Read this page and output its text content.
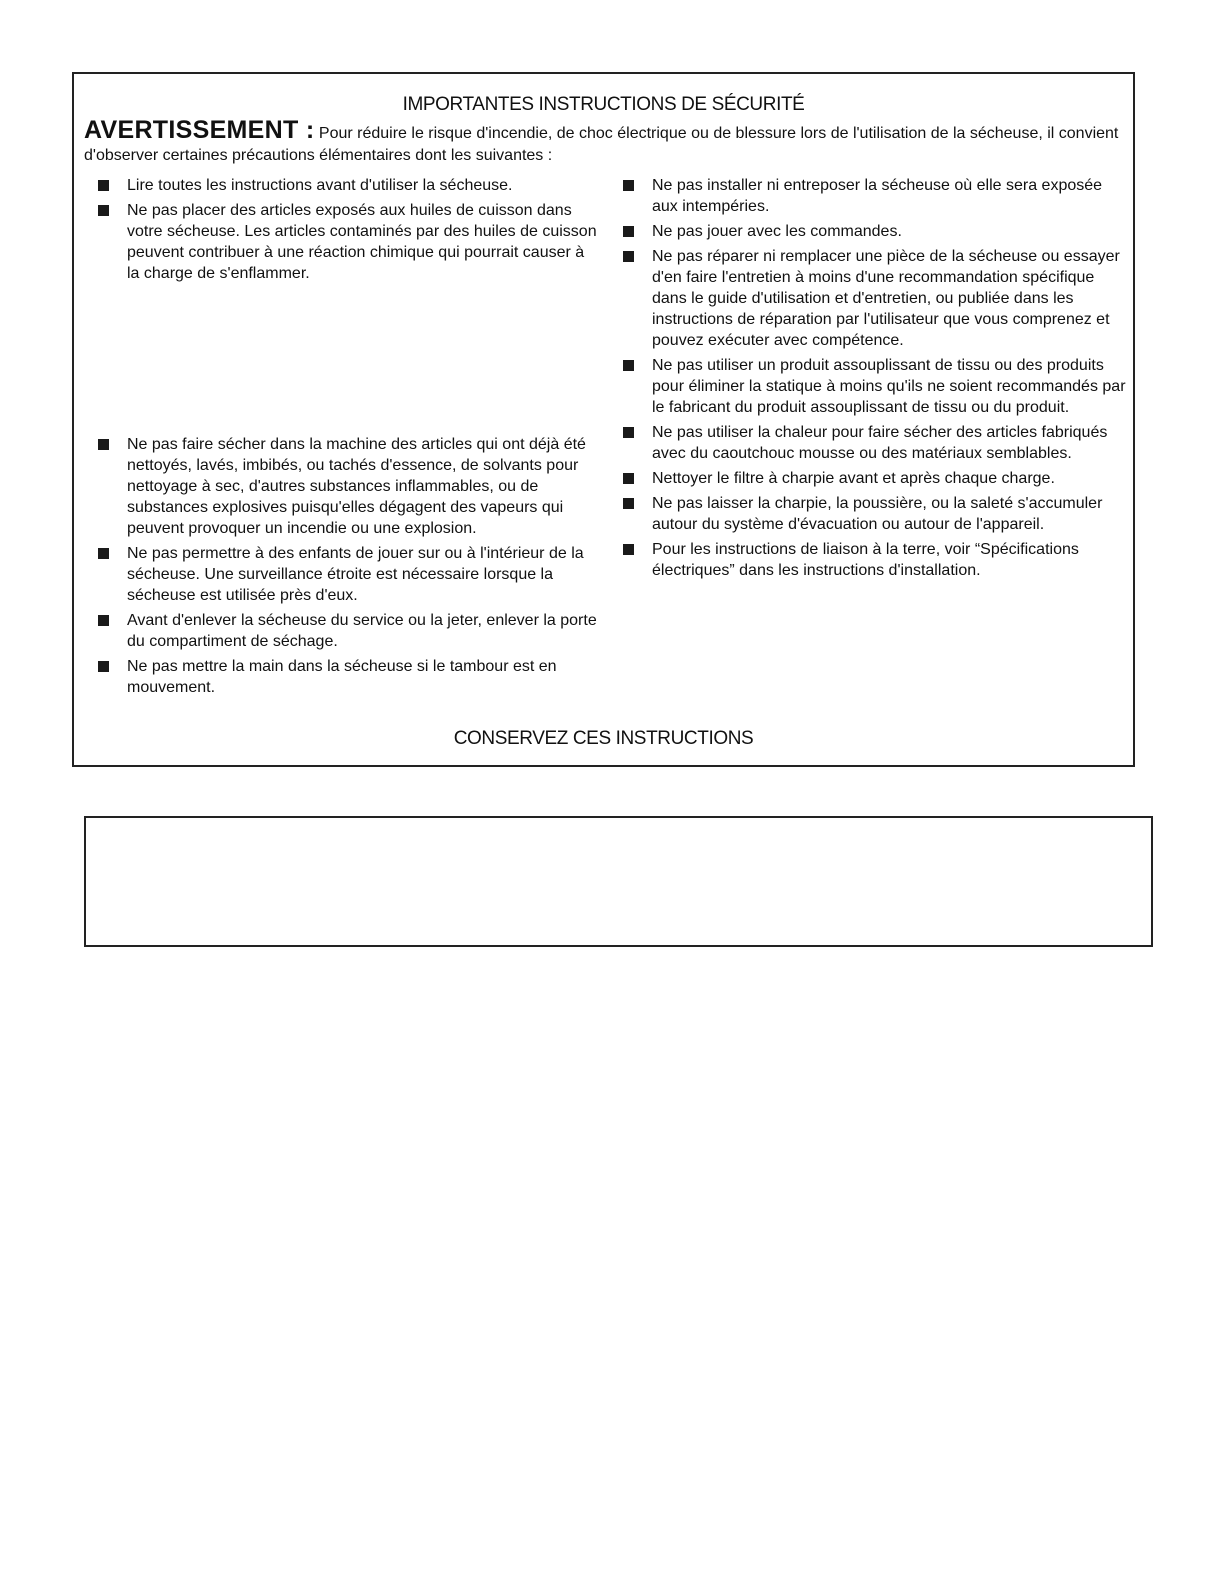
IMPORTANTES INSTRUCTIONS DE SÉCURITÉ
AVERTISSEMENT : Pour réduire le risque d'incendie, de choc électrique ou de blessure lors de l'utilisation de la sécheuse, il convient d'observer certaines précautions élémentaires dont les suivantes :
Lire toutes les instructions avant d'utiliser la sécheuse.
Ne pas placer des articles exposés aux huiles de cuisson dans votre sécheuse. Les articles contaminés par des huiles de cuisson peuvent contribuer à une réaction chimique qui pourrait causer à la charge de s'enflammer.
Ne pas faire sécher dans la machine des articles qui ont déjà été nettoyés, lavés, imbibés, ou tachés d'essence, de solvants pour nettoyage à sec, d'autres substances inflammables, ou de substances explosives puisqu'elles dégagent des vapeurs qui peuvent provoquer un incendie ou une explosion.
Ne pas permettre à des enfants de jouer sur ou à l'intérieur de la sécheuse. Une surveillance étroite est nécessaire lorsque la sécheuse est utilisée près d'eux.
Avant d'enlever la sécheuse du service ou la jeter, enlever la porte du compartiment de séchage.
Ne pas mettre la main dans la sécheuse si le tambour est en mouvement.
Ne pas installer ni entreposer la sécheuse où elle sera exposée aux intempéries.
Ne pas jouer avec les commandes.
Ne pas réparer ni remplacer une pièce de la sécheuse ou essayer d'en faire l'entretien à moins d'une recommandation spécifique dans le guide d'utilisation et d'entretien, ou publiée dans les instructions de réparation par l'utilisateur que vous comprenez et pouvez exécuter avec compétence.
Ne pas utiliser un produit assouplissant de tissu ou des produits pour éliminer la statique à moins qu'ils ne soient recommandés par le fabricant du produit assouplissant de tissu ou du produit.
Ne pas utiliser la chaleur pour faire sécher des articles fabriqués avec du caoutchouc mousse ou des matériaux semblables.
Nettoyer le filtre à charpie avant et après chaque charge.
Ne pas laisser la charpie, la poussière, ou la saleté s'accumuler autour du système d'évacuation ou autour de l'appareil.
Pour les instructions de liaison à la terre, voir “Spécifications électriques” dans les instructions d'installation.
CONSERVEZ CES INSTRUCTIONS
